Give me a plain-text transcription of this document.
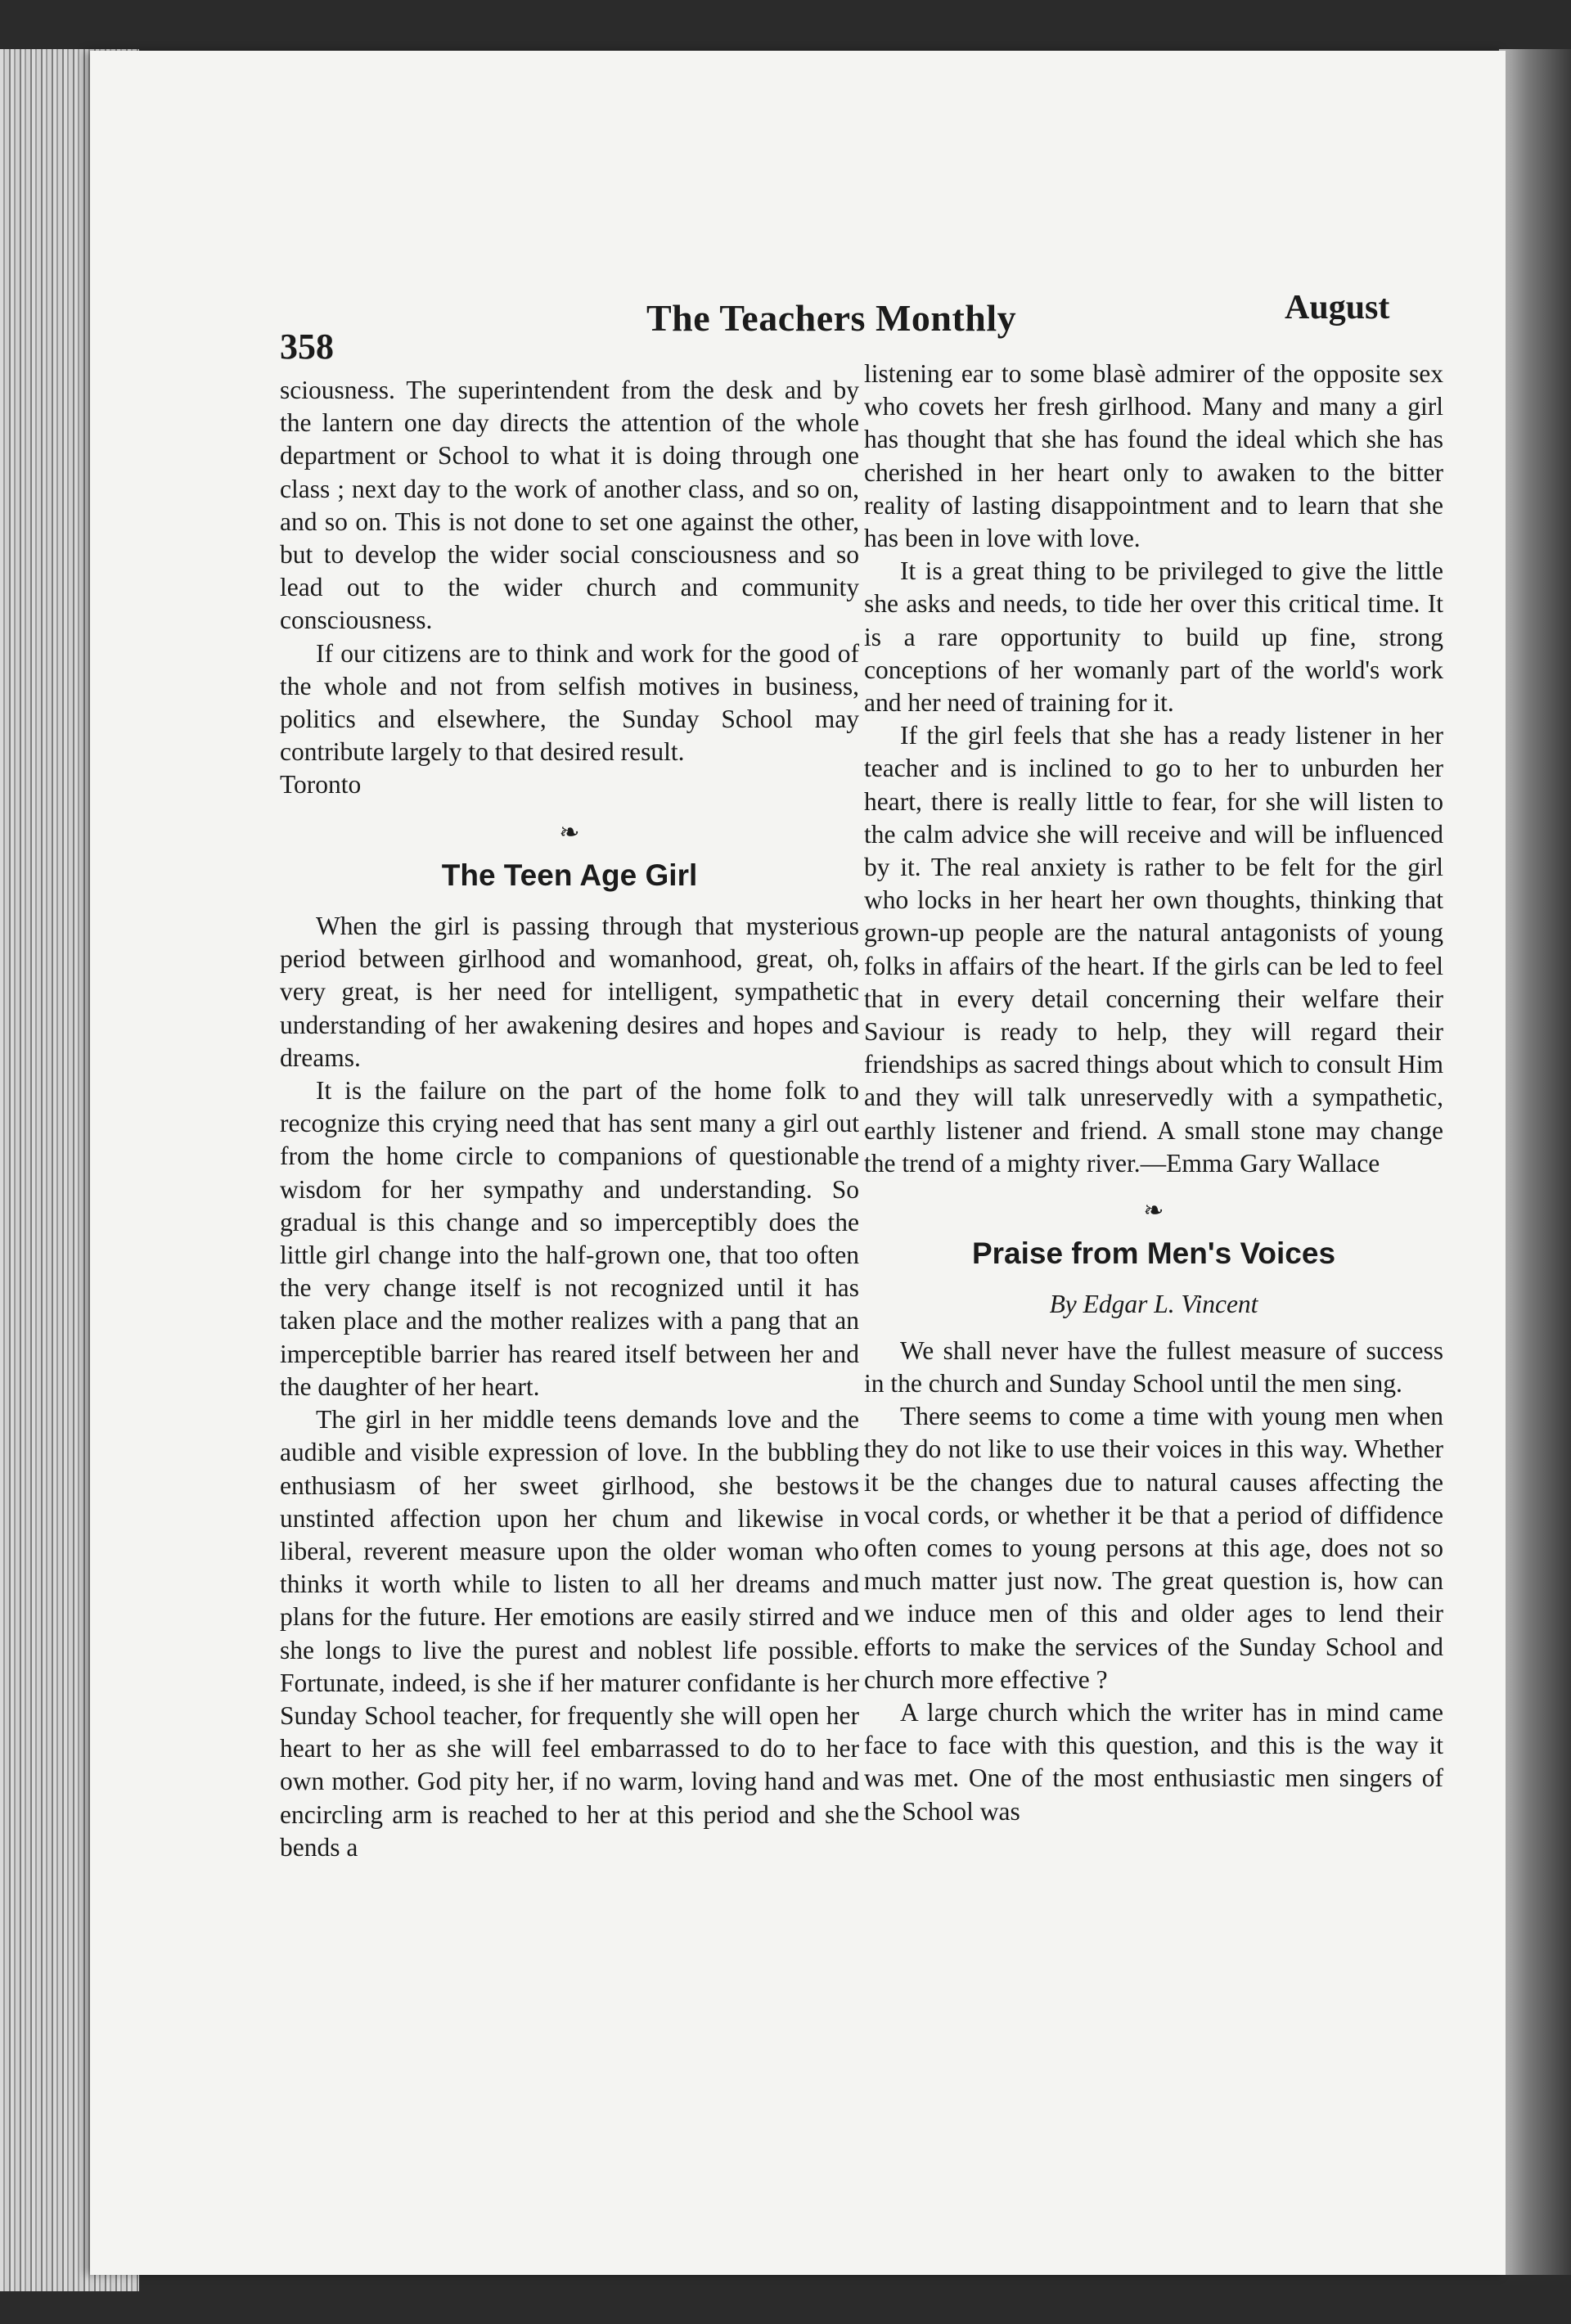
358
The Teachers Monthly	August

sciousness. The superintendent from the desk and by the lantern one day directs the attention of the whole department or School to what it is doing through one class ; next day to the work of another class, and so on, and so on. This is not done to set one against the other, but to develop the wider social consciousness and so lead out to the wider church and community consciousness.

If our citizens are to think and work for the good of the whole and not from selfish motives in business, politics and elsewhere, the Sunday School may contribute largely to that desired result.

Toronto

❧
The Teen Age Girl

When the girl is passing through that mysterious period between girlhood and womanhood, great, oh, very great, is her need for intelligent, sympathetic understanding of her awakening desires and hopes and dreams.

It is the failure on the part of the home folk to recognize this crying need that has sent many a girl out from the home circle to companions of questionable wisdom for her sympathy and understanding. So gradual is this change and so imperceptibly does the little girl change into the half-grown one, that too often the very change itself is not recognized until it has taken place and the mother realizes with a pang that an imperceptible barrier has reared itself between her and the daughter of her heart.

The girl in her middle teens demands love and the audible and visible expression of love. In the bubbling enthusiasm of her sweet girlhood, she bestows unstinted affection upon her chum and likewise in liberal, reverent measure upon the older woman who thinks it worth while to listen to all her dreams and plans for the future. Her emotions are easily stirred and she longs to live the purest and noblest life possible. Fortunate, indeed, is she if her maturer confidante is her Sunday School teacher, for frequently she will open her heart to her as she will feel embarrassed to do to her own mother. God pity her, if no warm, loving hand and encircling arm is reached to her at this period and she bends a

listening ear to some blasè admirer of the opposite sex who covets her fresh girlhood. Many and many a girl has thought that she has found the ideal which she has cherished in her heart only to awaken to the bitter reality of lasting disappointment and to learn that she has been in love with love.

It is a great thing to be privileged to give the little she asks and needs, to tide her over this critical time. It is a rare opportunity to build up fine, strong conceptions of her womanly part of the world's work and her need of training for it.

If the girl feels that she has a ready listener in her teacher and is inclined to go to her to unburden her heart, there is really little to fear, for she will listen to the calm advice she will receive and will be influenced by it. The real anxiety is rather to be felt for the girl who locks in her heart her own thoughts, thinking that grown-up people are the natural antagonists of young folks in affairs of the heart. If the girls can be led to feel that in every detail concerning their welfare their Saviour is ready to help, they will regard their friendships as sacred things about which to consult Him and they will talk unreservedly with a sympathetic, earthly listener and friend. A small stone may change the trend of a mighty river.—Emma Gary Wallace

❧
Praise from Men's Voices
By Edgar L. Vincent

We shall never have the fullest measure of success in the church and Sunday School until the men sing.

There seems to come a time with young men when they do not like to use their voices in this way. Whether it be the changes due to natural causes affecting the vocal cords, or whether it be that a period of diffidence often comes to young persons at this age, does not so much matter just now. The great question is, how can we induce men of this and older ages to lend their efforts to make the services of the Sunday School and church more effective ?

A large church which the writer has in mind came face to face with this question, and this is the way it was met. One of the most enthusiastic men singers of the School was
